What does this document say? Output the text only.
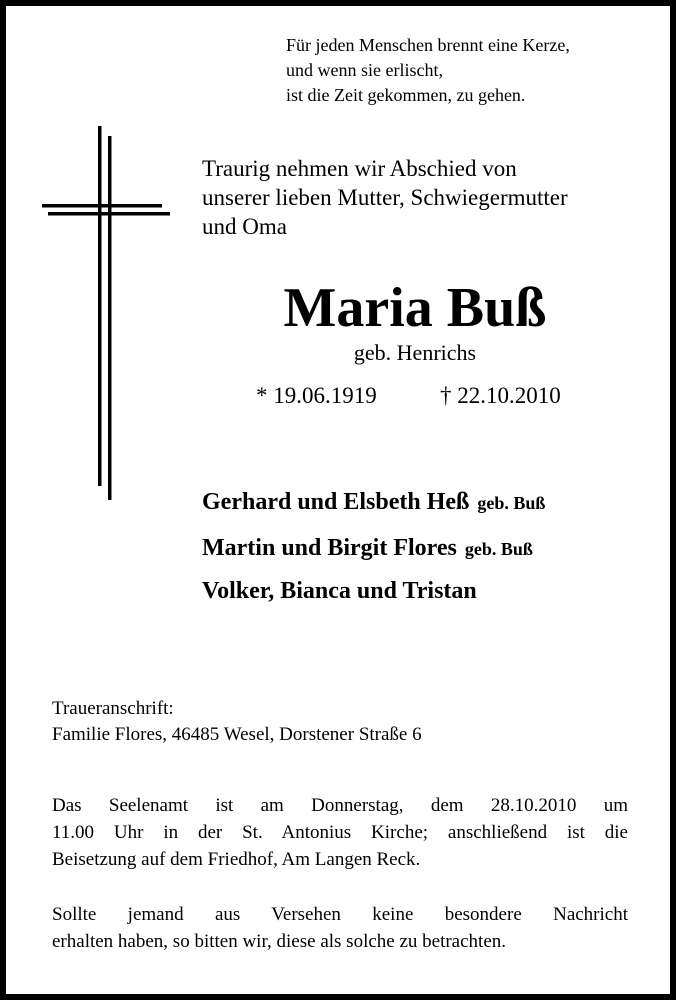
Für jeden Menschen brennt eine Kerze,
und wenn sie erlischt,
ist die Zeit gekommen, zu gehen.
Traurig nehmen wir Abschied von
unserer lieben Mutter, Schwiegermutter
und Oma
Maria Buß
geb. Henrichs
* 19.06.1919	† 22.10.2010
Gerhard und Elsbeth Heß geb. Buß
Martin und Birgit Flores geb. Buß
Volker, Bianca und Tristan
Traueranschrift:
Familie Flores, 46485 Wesel, Dorstener Straße 6
Das Seelenamt ist am Donnerstag, dem 28.10.2010 um
11.00 Uhr in der St. Antonius Kirche; anschließend ist die
Beisetzung auf dem Friedhof, Am Langen Reck.
Sollte jemand aus Versehen keine besondere Nachricht
erhalten haben, so bitten wir, diese als solche zu betrachten.
